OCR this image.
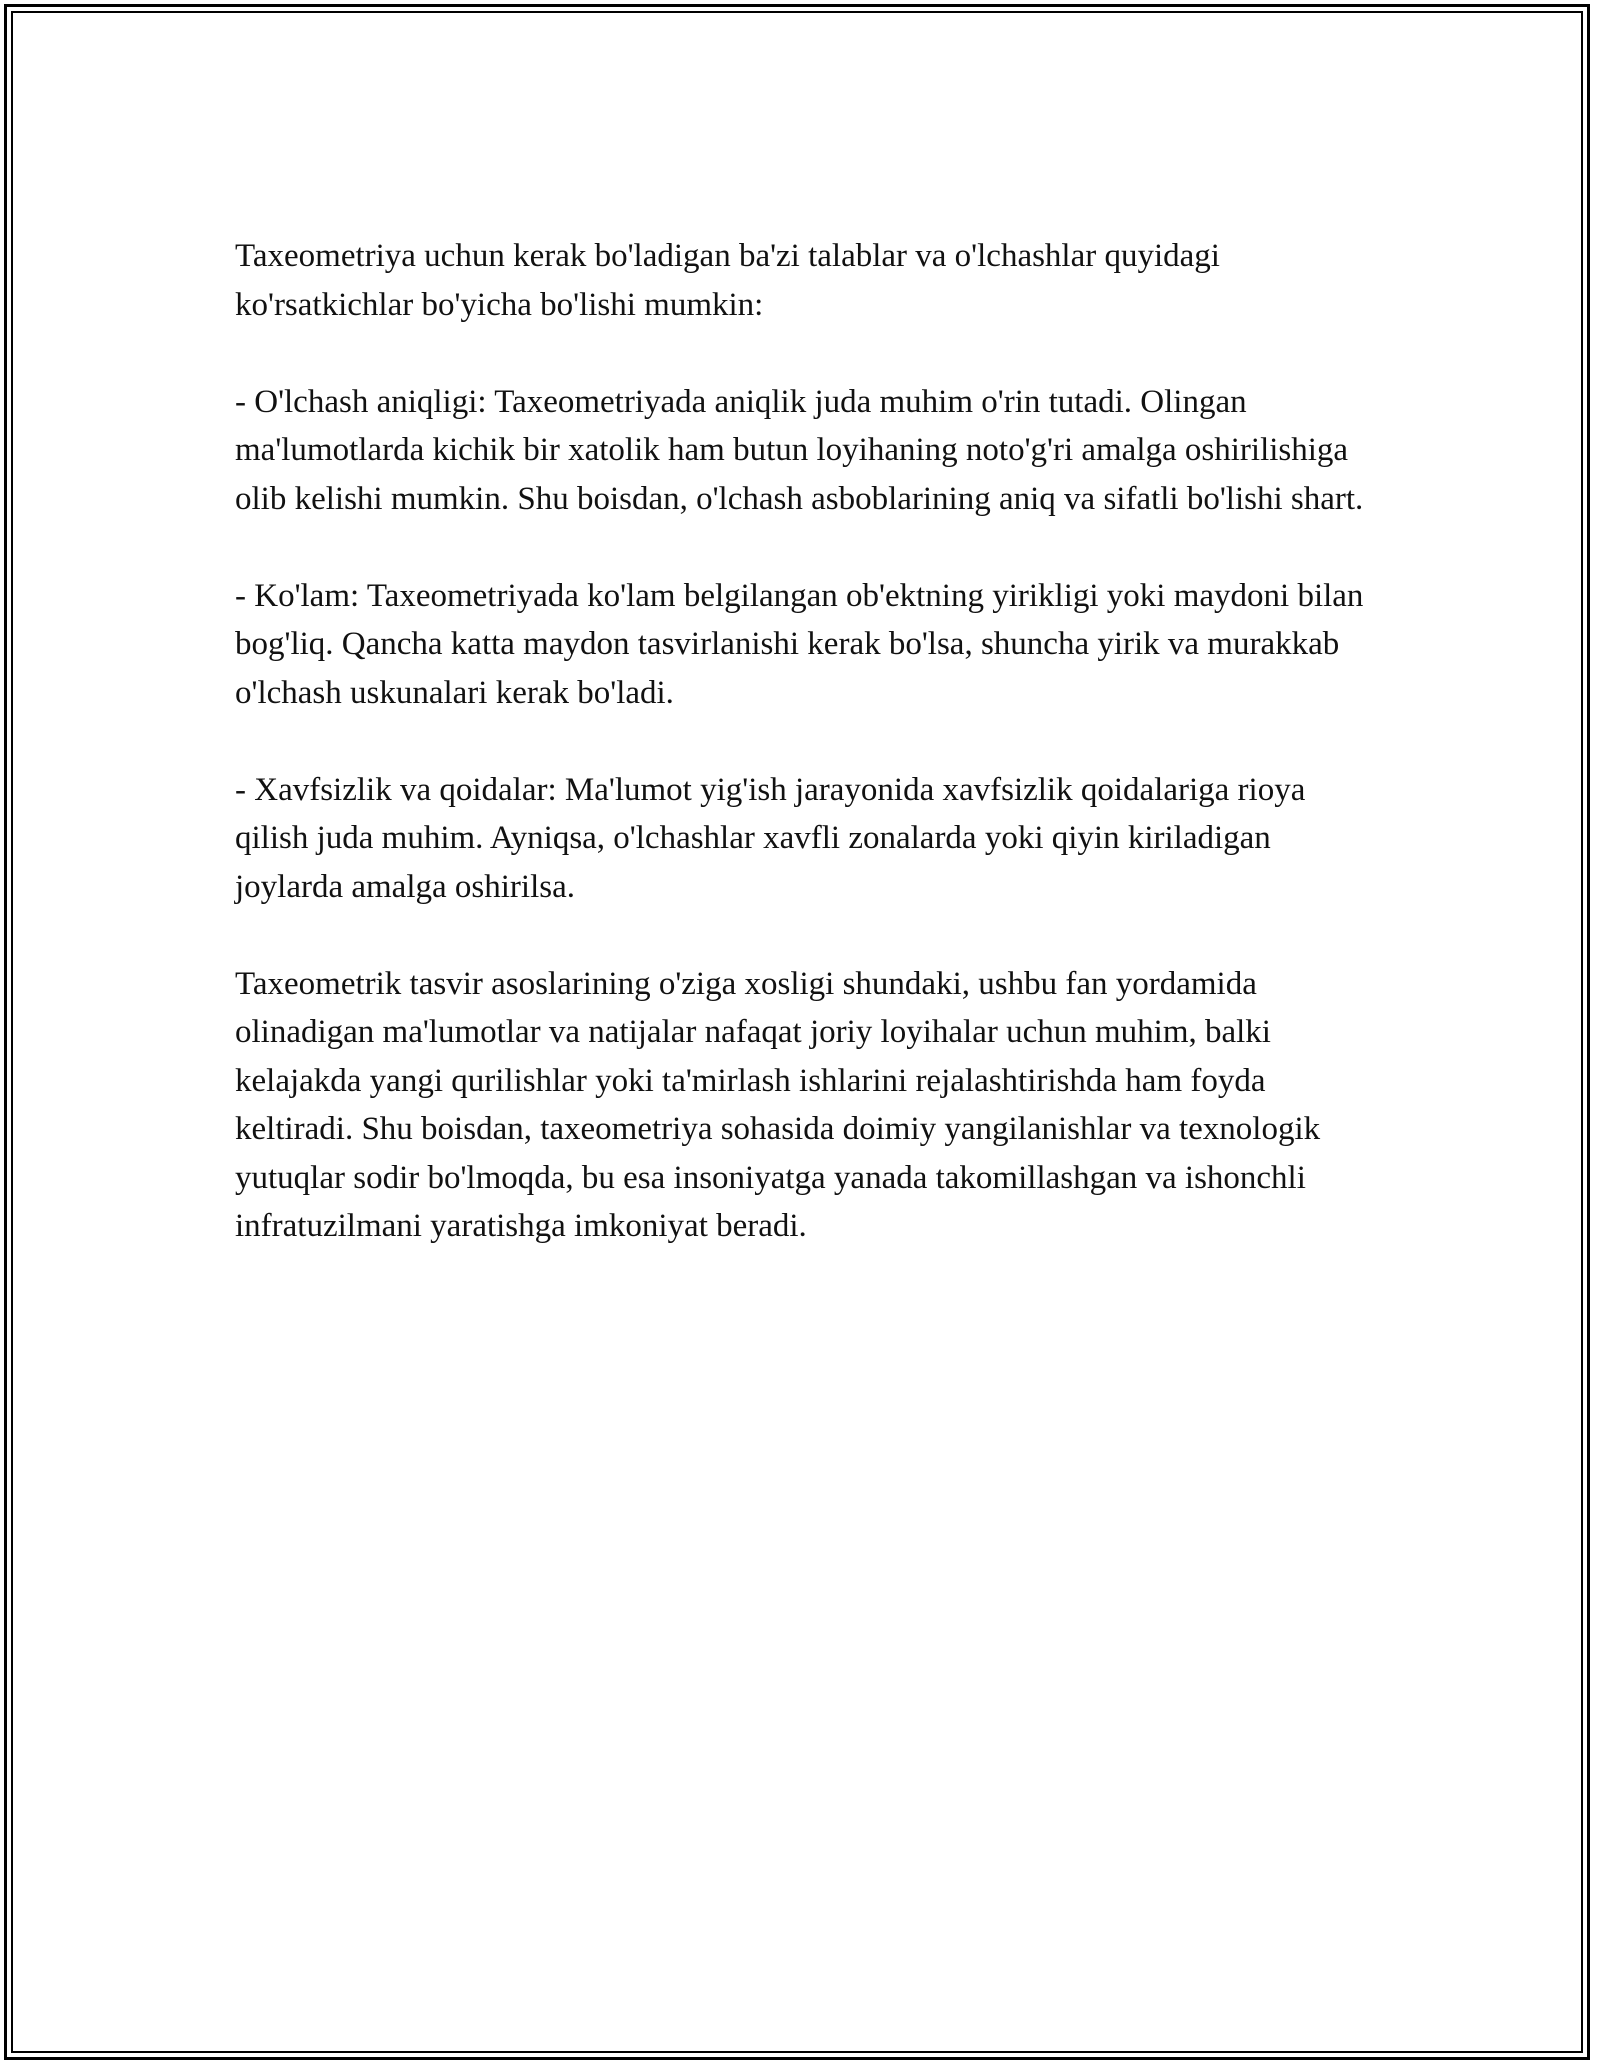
Taxeometriya uchun kerak bo'ladigan ba'zi talablar va o'lchashlar quyidagi ko'rsatkichlar bo'yicha bo'lishi mumkin:

- O'lchash aniqligi: Taxeometriyada aniqlik juda muhim o'rin tutadi. Olingan ma'lumotlarda kichik bir xatolik ham butun loyihaning noto'g'ri amalga oshirilishiga olib kelishi mumkin. Shu boisdan, o'lchash asboblarining aniq va sifatli bo'lishi shart.

- Ko'lam: Taxeometriyada ko'lam belgilangan ob'ektning yirikligi yoki maydoni bilan bog'liq. Qancha katta maydon tasvirlanishi kerak bo'lsa, shuncha yirik va murakkab o'lchash uskunalari kerak bo'ladi.

- Xavfsizlik va qoidalar: Ma'lumot yig'ish jarayonida xavfsizlik qoidalariga rioya qilish juda muhim. Ayniqsa, o'lchashlar xavfli zonalarda yoki qiyin kiriladigan joylarda amalga oshirilsa.

Taxeometrik tasvir asoslarining o'ziga xosligi shundaki, ushbu fan yordamida olinadigan ma'lumotlar va natijalar nafaqat joriy loyihalar uchun muhim, balki kelajakda yangi qurilishlar yoki ta'mirlash ishlarini rejalashtirishda ham foyda keltiradi. Shu boisdan, taxeometriya sohasida doimiy yangilanishlar va texnologik yutuqlar sodir bo'lmoqda, bu esa insoniyatga yanada takomillashgan va ishonchli infratuzilmani yaratishga imkoniyat beradi.
